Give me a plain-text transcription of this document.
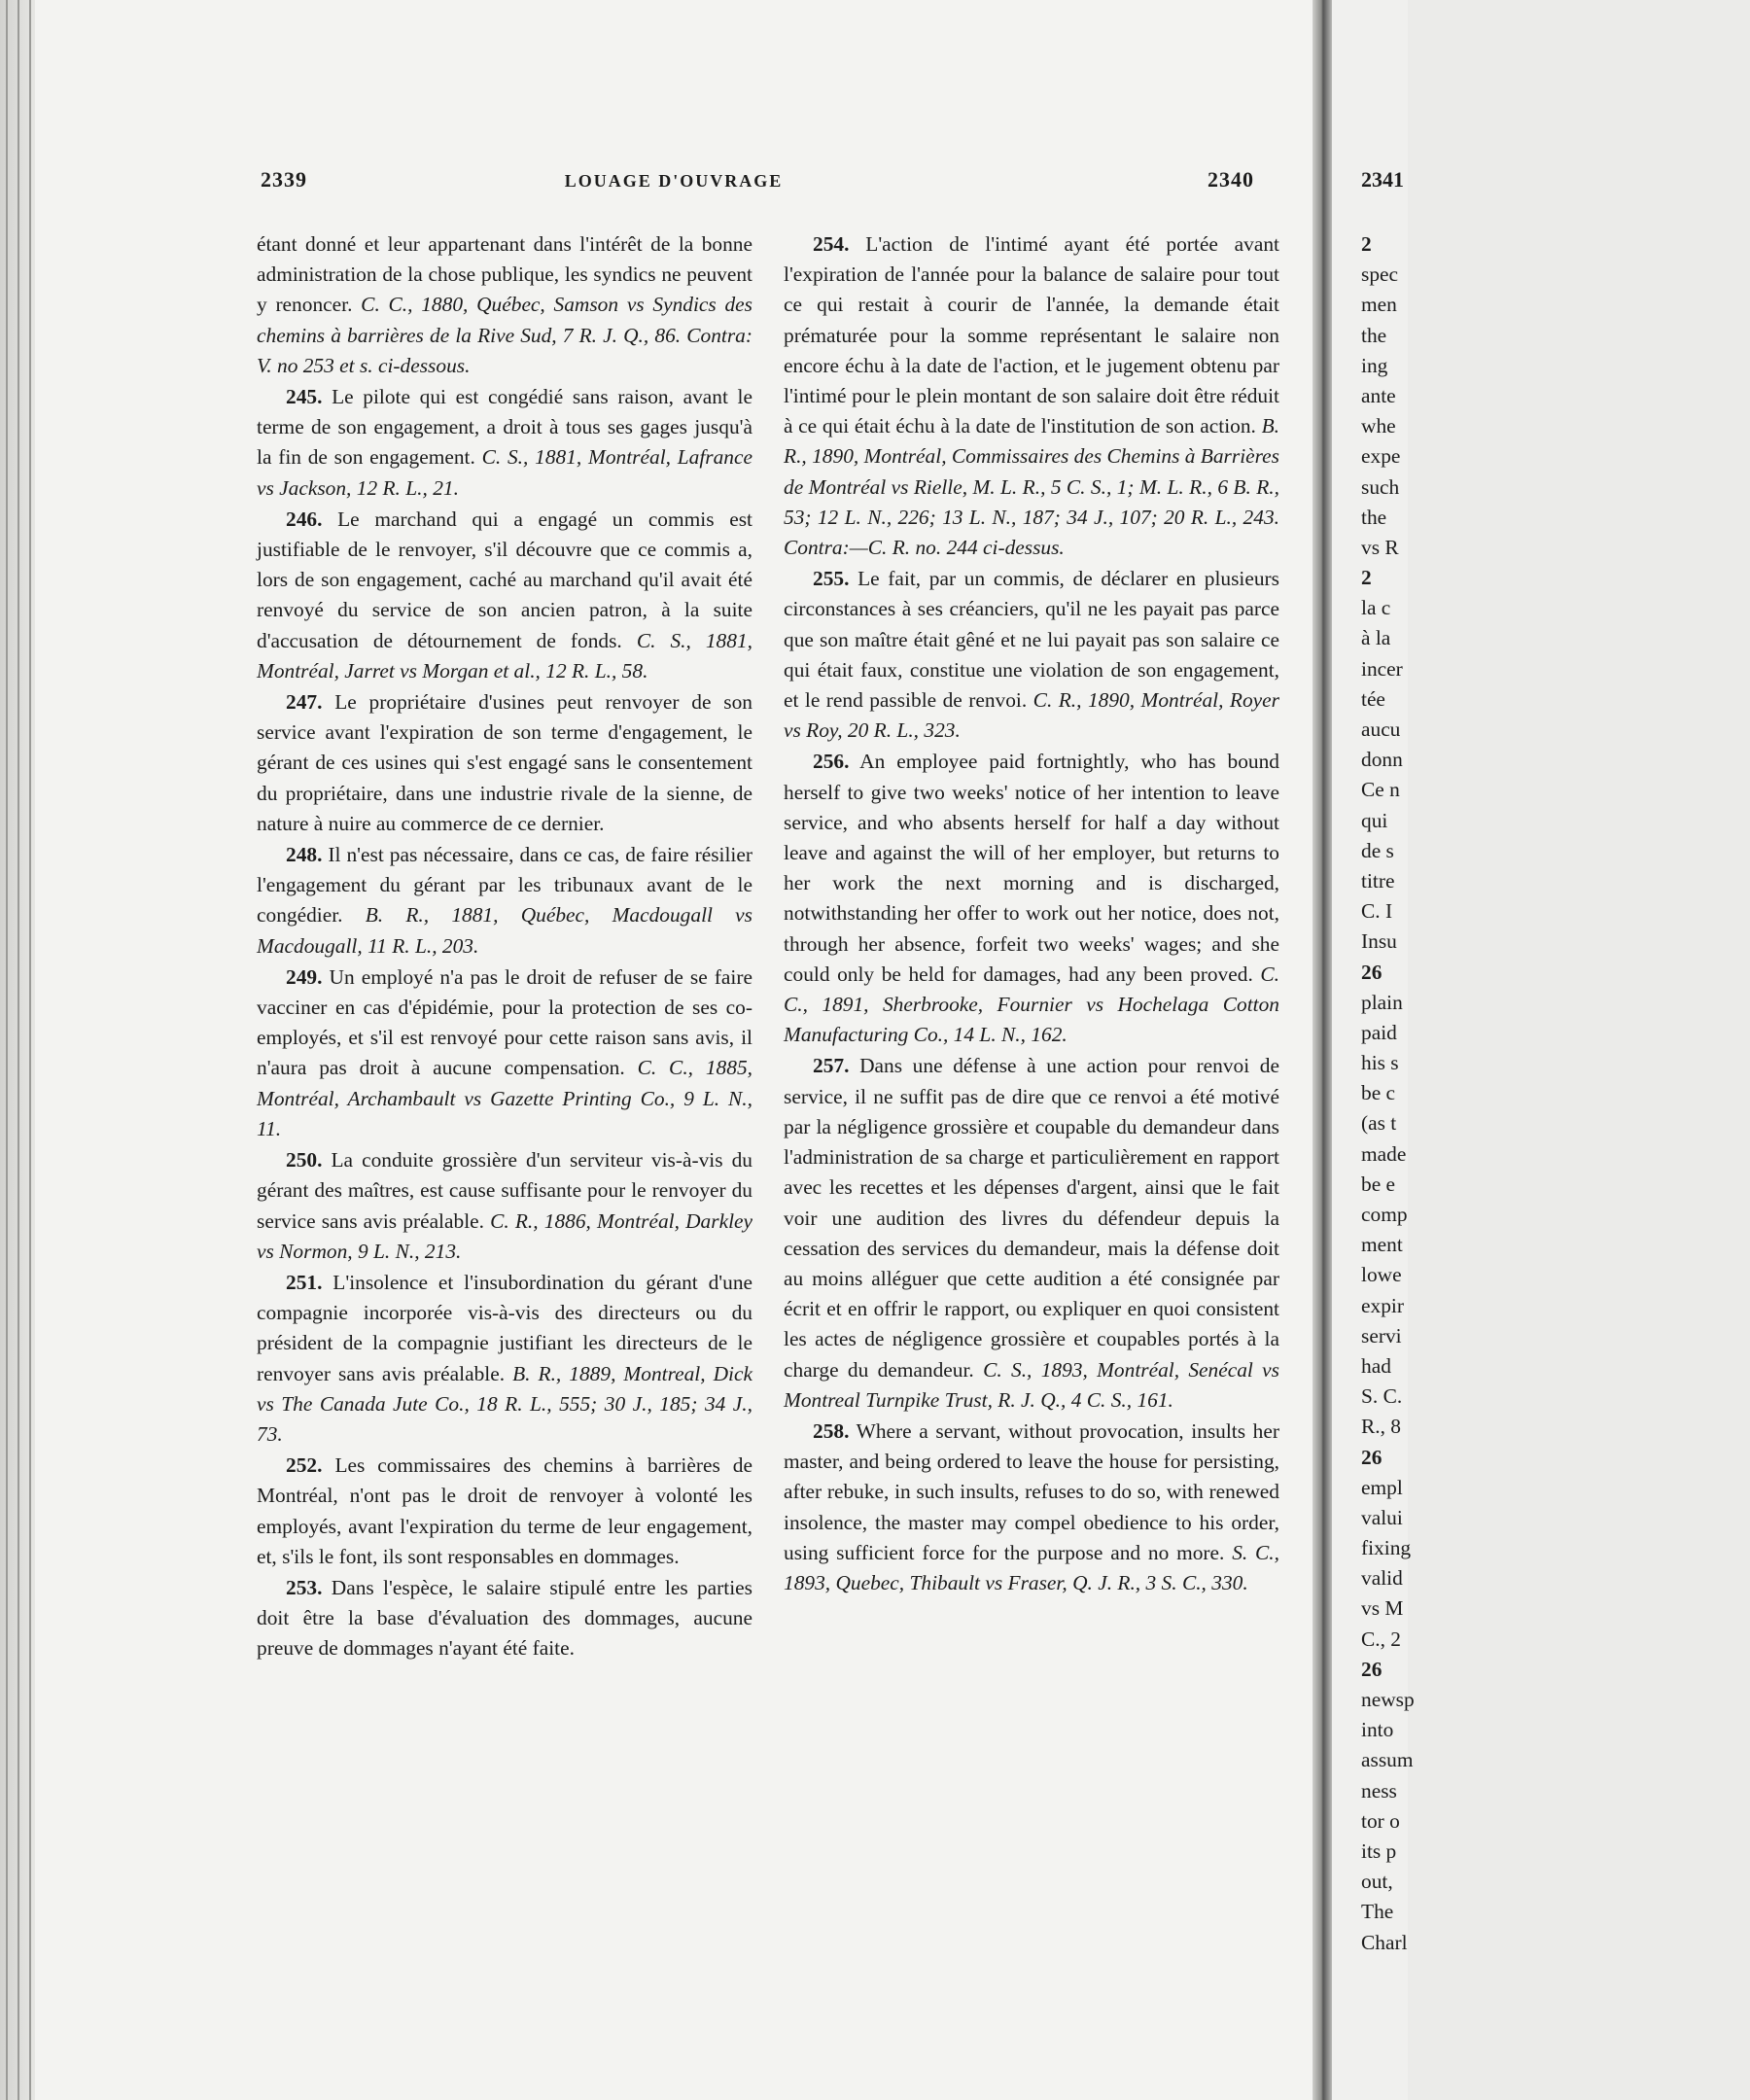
2339	LOUAGE D'OUVRAGE	2340

étant donné et leur appartenant dans l'intérêt de la bonne administration de la chose publique, les syndics ne peuvent y renoncer. C. C., 1880, Québec, Samson vs Syndics des chemins à barrières de la Rive Sud, 7 R. J. Q., 86. Contra: V. no 253 et s. ci-dessous.

245. Le pilote qui est congédié sans raison, avant le terme de son engagement, a droit à tous ses gages jusqu'à la fin de son engagement. C. S., 1881, Montréal, Lafrance vs Jackson, 12 R. L., 21.

246. Le marchand qui a engagé un commis est justifiable de le renvoyer, s'il découvre que ce commis a, lors de son engagement, caché au marchand qu'il avait été renvoyé du service de son ancien patron, à la suite d'accusation de détournement de fonds. C. S., 1881, Montréal, Jarret vs Morgan et al., 12 R. L., 58.

247. Le propriétaire d'usines peut renvoyer de son service avant l'expiration de son terme d'engagement, le gérant de ces usines qui s'est engagé sans le consentement du propriétaire, dans une industrie rivale de la sienne, de nature à nuire au commerce de ce dernier.

248. Il n'est pas nécessaire, dans ce cas, de faire résilier l'engagement du gérant par les tribunaux avant de le congédier. B. R., 1881, Québec, Macdougall vs Macdougall, 11 R. L., 203.

249. Un employé n'a pas le droit de refuser de se faire vacciner en cas d'épidémie, pour la protection de ses co-employés, et s'il est renvoyé pour cette raison sans avis, il n'aura pas droit à aucune compensation. C. C., 1885, Montréal, Archambault vs Gazette Printing Co., 9 L. N., 11.

250. La conduite grossière d'un serviteur vis-à-vis du gérant des maîtres, est cause suffisante pour le renvoyer du service sans avis préalable. C. R., 1886, Montréal, Darkley vs Normon, 9 L. N., 213.

251. L'insolence et l'insubordination du gérant d'une compagnie incorporée vis-à-vis des directeurs ou du président de la compagnie justifiant les directeurs de le renvoyer sans avis préalable. B. R., 1889, Montreal, Dick vs The Canada Jute Co., 18 R. L., 555; 30 J., 185; 34 J., 73.

252. Les commissaires des chemins à barrières de Montréal, n'ont pas le droit de renvoyer à volonté les employés, avant l'expiration du terme de leur engagement, et, s'ils le font, ils sont responsables en dommages.

253. Dans l'espèce, le salaire stipulé entre les parties doit être la base d'évaluation des dommages, aucune preuve de dommages n'ayant été faite.

254. L'action de l'intimé ayant été portée avant l'expiration de l'année pour la balance de salaire pour tout ce qui restait à courir de l'année, la demande était prématurée pour la somme représentant le salaire non encore échu à la date de l'action, et le jugement obtenu par l'intimé pour le plein montant de son salaire doit être réduit à ce qui était échu à la date de l'institution de son action. B. R., 1890, Montréal, Commissaires des Chemins à Barrières de Montréal vs Rielle, M. L. R., 5 C. S., 1; M. L. R., 6 B. R., 53; 12 L. N., 226; 13 L. N., 187; 34 J., 107; 20 R. L., 243. Contra:—C. R. no. 244 ci-dessus.

255. Le fait, par un commis, de déclarer en plusieurs circonstances à ses créanciers, qu'il ne les payait pas parce que son maître était gêné et ne lui payait pas son salaire ce qui était faux, constitue une violation de son engagement, et le rend passible de renvoi. C. R., 1890, Montréal, Royer vs Roy, 20 R. L., 323.

256. An employee paid fortnightly, who has bound herself to give two weeks' notice of her intention to leave service, and who absents herself for half a day without leave and against the will of her employer, but returns to her work the next morning and is discharged, notwithstanding her offer to work out her notice, does not, through her absence, forfeit two weeks' wages; and she could only be held for damages, had any been proved. C. C., 1891, Sherbrooke, Fournier vs Hochelaga Cotton Manufacturing Co., 14 L. N., 162.

257. Dans une défense à une action pour renvoi de service, il ne suffit pas de dire que ce renvoi a été motivé par la négligence grossière et coupable du demandeur dans l'administration de sa charge et particulièrement en rapport avec les recettes et les dépenses d'argent, ainsi que le fait voir une audition des livres du défendeur depuis la cessation des services du demandeur, mais la défense doit au moins alléguer que cette audition a été consignée par écrit et en offrir le rapport, ou expliquer en quoi consistent les actes de négligence grossière et coupables portés à la charge du demandeur. C. S., 1893, Montréal, Senécal vs Montreal Turnpike Trust, R. J. Q., 4 C. S., 161.

258. Where a servant, without provocation, insults her master, and being ordered to leave the house for persisting, after rebuke, in such insults, refuses to do so, with renewed insolence, the master may compel obedience to his order, using sufficient force for the purpose and no more. S. C., 1893, Quebec, Thibault vs Fraser, Q. J. R., 3 S. C., 330.

2341
2
spec
men
the
ing
ante
whe
expe
such
the
vs R
2
la c
à la
incer
tée
aucu
donn
Ce n
qui
de s
titre
C. I
Insu
26
plain
paid
his s
be c
(as t
made
be e
comp
ment
lowe
expir
servi
had
S. C.
R., 8
26
empl
valui
fixing
valid
vs M
C., 2
26
newsp
into
assum
ness
tor o
its p
out,
The
Charl
